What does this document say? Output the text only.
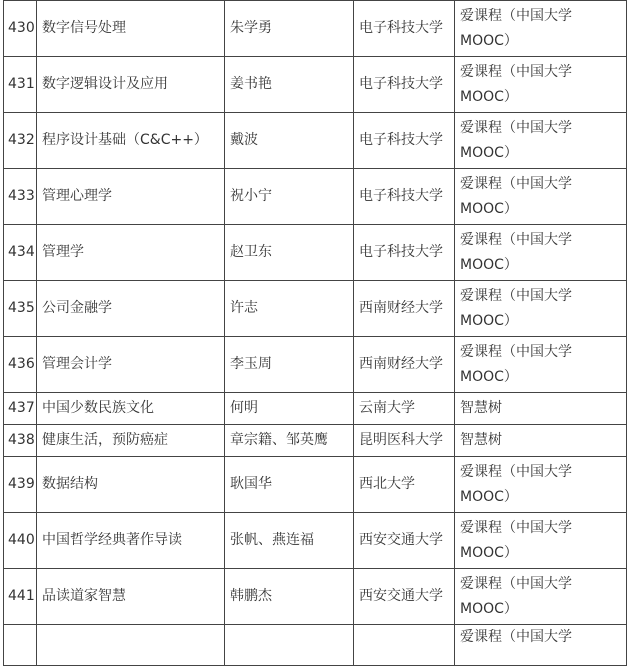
430	数字信号处理	朱学勇	电子科技大学	爱课程（中国大学
MOOC）

431	数字逻辑设计及应用	姜书艳	电子科技大学	爱课程（中国大学
MOOC）

432	程序设计基础（C&C++）	戴波	电子科技大学	爱课程（中国大学
MOOC）

433	管理心理学	祝小宁	电子科技大学	爱课程（中国大学
MOOC）

434	管理学	赵卫东	电子科技大学	爱课程（中国大学
MOOC）

435	公司金融学	许志	西南财经大学	爱课程（中国大学
MOOC）

436	管理会计学	李玉周	西南财经大学	爱课程（中国大学
MOOC）

437	中国少数民族文化	何明	云南大学	智慧树

438	健康生活，预防癌症	章宗籍、邹英鹰	昆明医科大学	智慧树

439	数据结构	耿国华	西北大学	爱课程（中国大学
MOOC）

440	中国哲学经典著作导读	张帆、燕连福	西安交通大学	爱课程（中国大学
MOOC）

441	品读道家智慧	韩鹏杰	西安交通大学	爱课程（中国大学
MOOC）

				爱课程（中国大学
